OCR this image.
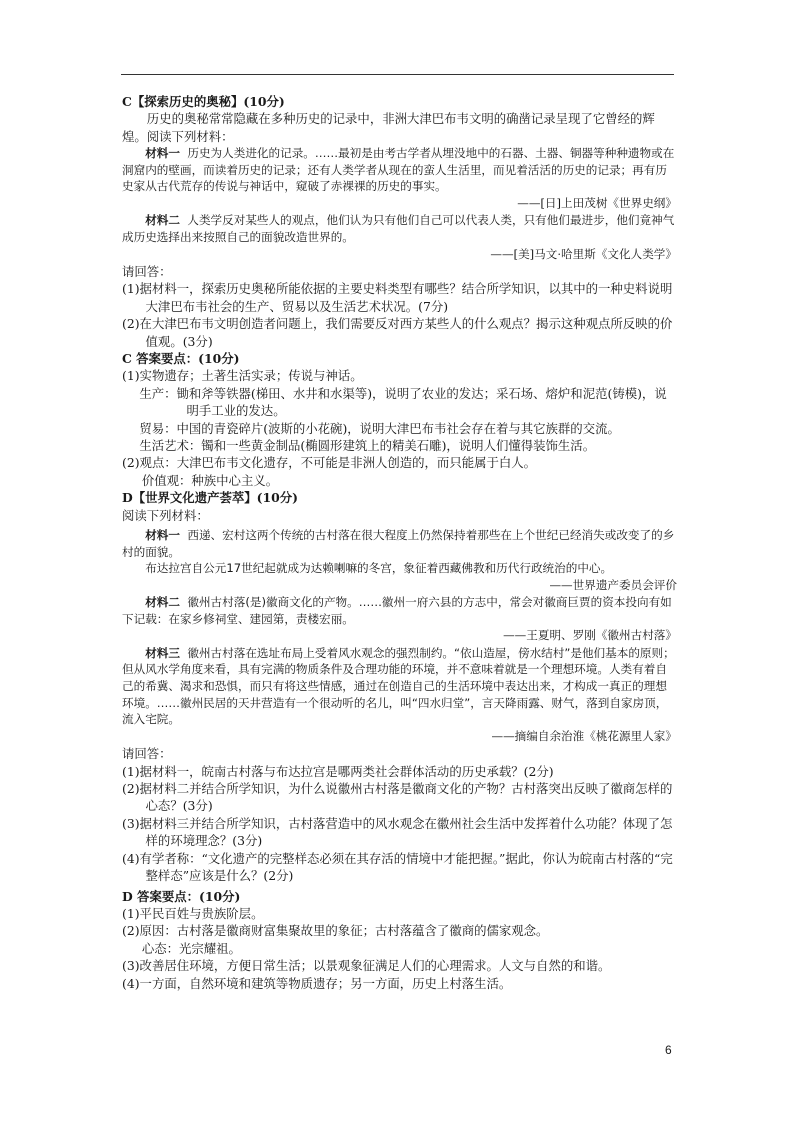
C【探索历史的奥秘】(10分)

历史的奥秘常常隐藏在多种历史的记录中，非洲大津巴布韦文明的确凿记录呈现了它曾经的辉煌。阅读下列材料：

材料一 历史为人类进化的记录。……最初是由考古学者从埋没地中的石器、土器、铜器等种种遗物或在洞窟内的壁画，而读着历史的记录；还有人类学者从现在的蛮人生活里，而见着活活的历史的记录；再有历史家从古代荒存的传说与神话中，窥破了赤裸裸的历史的事实。

——[日]上田茂树《世界史纲》

材料二 人类学反对某些人的观点，他们认为只有他们自己可以代表人类，只有他们最进步，他们竟神气成历史选择出来按照自己的面貌改造世界的。

——[美]马文·哈里斯《文化人类学》

请回答：

(1)据材料一，探索历史奥秘所能依据的主要史料类型有哪些？结合所学知识，以其中的一种史料说明大津巴布韦社会的生产、贸易以及生活艺术状况。(7分)

(2)在大津巴布韦文明创造者问题上，我们需要反对西方某些人的什么观点？揭示这种观点所反映的价值观。(3分)

C 答案要点：(10分)

(1)实物遗存；土著生活实录；传说与神话。

生产：锄和斧等铁器(梯田、水井和水渠等)，说明了农业的发达；采石场、熔炉和泥范(铸模)，说明手工业的发达。

贸易：中国的青瓷碎片(波斯的小花碗)，说明大津巴布韦社会存在着与其它族群的交流。

生活艺术：镯和一些黄金制品(椭圆形建筑上的精美石雕)，说明人们懂得装饰生活。

(2)观点：大津巴布韦文化遗存，不可能是非洲人创造的，而只能属于白人。

价值观：种族中心主义。

D【世界文化遗产荟萃】(10分)

阅读下列材料：

材料一 西递、宏村这两个传统的古村落在很大程度上仍然保持着那些在上个世纪已经消失或改变了的乡村的面貌。

布达拉宫自公元17世纪起就成为达赖喇嘛的冬宫，象征着西藏佛教和历代行政统治的中心。

——世界遗产委员会评价

材料二 徽州古村落(是)徽商文化的产物。……徽州一府六县的方志中，常会对徽商巨贾的资本投向有如下记载：在家乡修祠堂、建园第，责楼宏丽。

——王夏明、罗刚《徽州古村落》

材料三 徽州古村落在选址布局上受着风水观念的强烈制约。“依山造屋，傍水结村”是他们基本的原则；但从风水学角度来看，具有完满的物质条件及合理功能的环境，并不意味着就是一个理想环境。人类有着自己的希冀、渴求和恐惧，而只有将这些情感，通过在创造自己的生活环境中表达出来，才构成一真正的理想环境。……徽州民居的天井营造有一个很动听的名儿，叫“四水归堂”，言天降雨露、财气，落到自家房顶，流入宅院。

——摘编自余治淮《桃花源里人家》

请回答：

(1)据材料一，皖南古村落与布达拉宫是哪两类社会群体活动的历史承载？(2分)

(2)据材料二并结合所学知识，为什么说徽州古村落是徽商文化的产物？古村落突出反映了徽商怎样的心态？(3分)

(3)据材料三并结合所学知识，古村落营造中的风水观念在徽州社会生活中发挥着什么功能？体现了怎样的环境理念？(3分)

(4)有学者称：“文化遗产的完整样态必须在其存活的情境中才能把握。”据此，你认为皖南古村落的“完整样态”应该是什么？(2分)

D 答案要点：(10分)

(1)平民百姓与贵族阶层。

(2)原因：古村落是徽商财富集聚故里的象征；古村落蕴含了徽商的儒家观念。

心态：光宗耀祖。

(3)改善居住环境，方便日常生活；以景观象征满足人们的心理需求。人文与自然的和谐。

(4)一方面，自然环境和建筑等物质遗存；另一方面，历史上村落生活。

6
